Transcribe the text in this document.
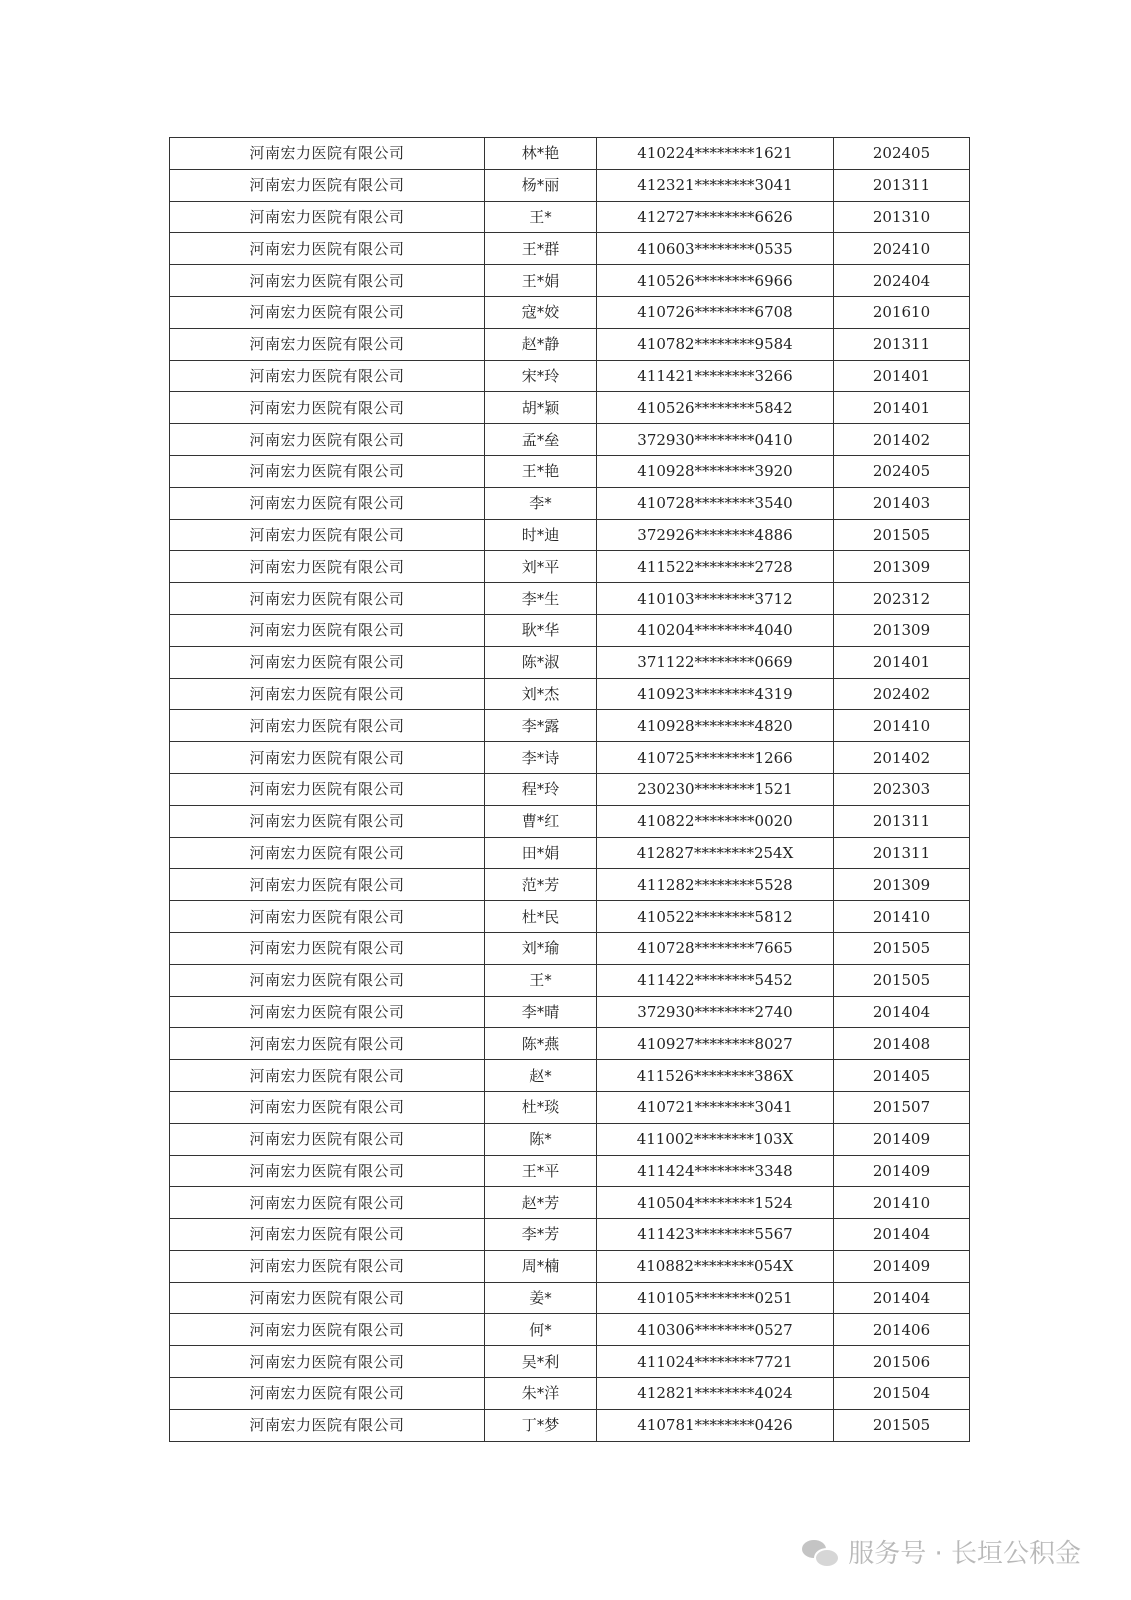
河南宏力医院有限公司	林*艳	410224********1621	202405
河南宏力医院有限公司	杨*丽	412321********3041	201311
河南宏力医院有限公司	王*	412727********6626	201310
河南宏力医院有限公司	王*群	410603********0535	202410
河南宏力医院有限公司	王*娟	410526********6966	202404
河南宏力医院有限公司	寇*姣	410726********6708	201610
河南宏力医院有限公司	赵*静	410782********9584	201311
河南宏力医院有限公司	宋*玲	411421********3266	201401
河南宏力医院有限公司	胡*颖	410526********5842	201401
河南宏力医院有限公司	孟*垒	372930********0410	201402
河南宏力医院有限公司	王*艳	410928********3920	202405
河南宏力医院有限公司	李*	410728********3540	201403
河南宏力医院有限公司	时*迪	372926********4886	201505
河南宏力医院有限公司	刘*平	411522********2728	201309
河南宏力医院有限公司	李*生	410103********3712	202312
河南宏力医院有限公司	耿*华	410204********4040	201309
河南宏力医院有限公司	陈*淑	371122********0669	201401
河南宏力医院有限公司	刘*杰	410923********4319	202402
河南宏力医院有限公司	李*露	410928********4820	201410
河南宏力医院有限公司	李*诗	410725********1266	201402
河南宏力医院有限公司	程*玲	230230********1521	202303
河南宏力医院有限公司	曹*红	410822********0020	201311
河南宏力医院有限公司	田*娟	412827********254X	201311
河南宏力医院有限公司	范*芳	411282********5528	201309
河南宏力医院有限公司	杜*民	410522********5812	201410
河南宏力医院有限公司	刘*瑜	410728********7665	201505
河南宏力医院有限公司	王*	411422********5452	201505
河南宏力医院有限公司	李*晴	372930********2740	201404
河南宏力医院有限公司	陈*燕	410927********8027	201408
河南宏力医院有限公司	赵*	411526********386X	201405
河南宏力医院有限公司	杜*琰	410721********3041	201507
河南宏力医院有限公司	陈*	411002********103X	201409
河南宏力医院有限公司	王*平	411424********3348	201409
河南宏力医院有限公司	赵*芳	410504********1524	201410
河南宏力医院有限公司	李*芳	411423********5567	201404
河南宏力医院有限公司	周*楠	410882********054X	201409
河南宏力医院有限公司	姜*	410105********0251	201404
河南宏力医院有限公司	何*	410306********0527	201406
河南宏力医院有限公司	吴*利	411024********7721	201506
河南宏力医院有限公司	朱*洋	412821********4024	201504
河南宏力医院有限公司	丁*梦	410781********0426	201505
服务号 · 长垣公积金
